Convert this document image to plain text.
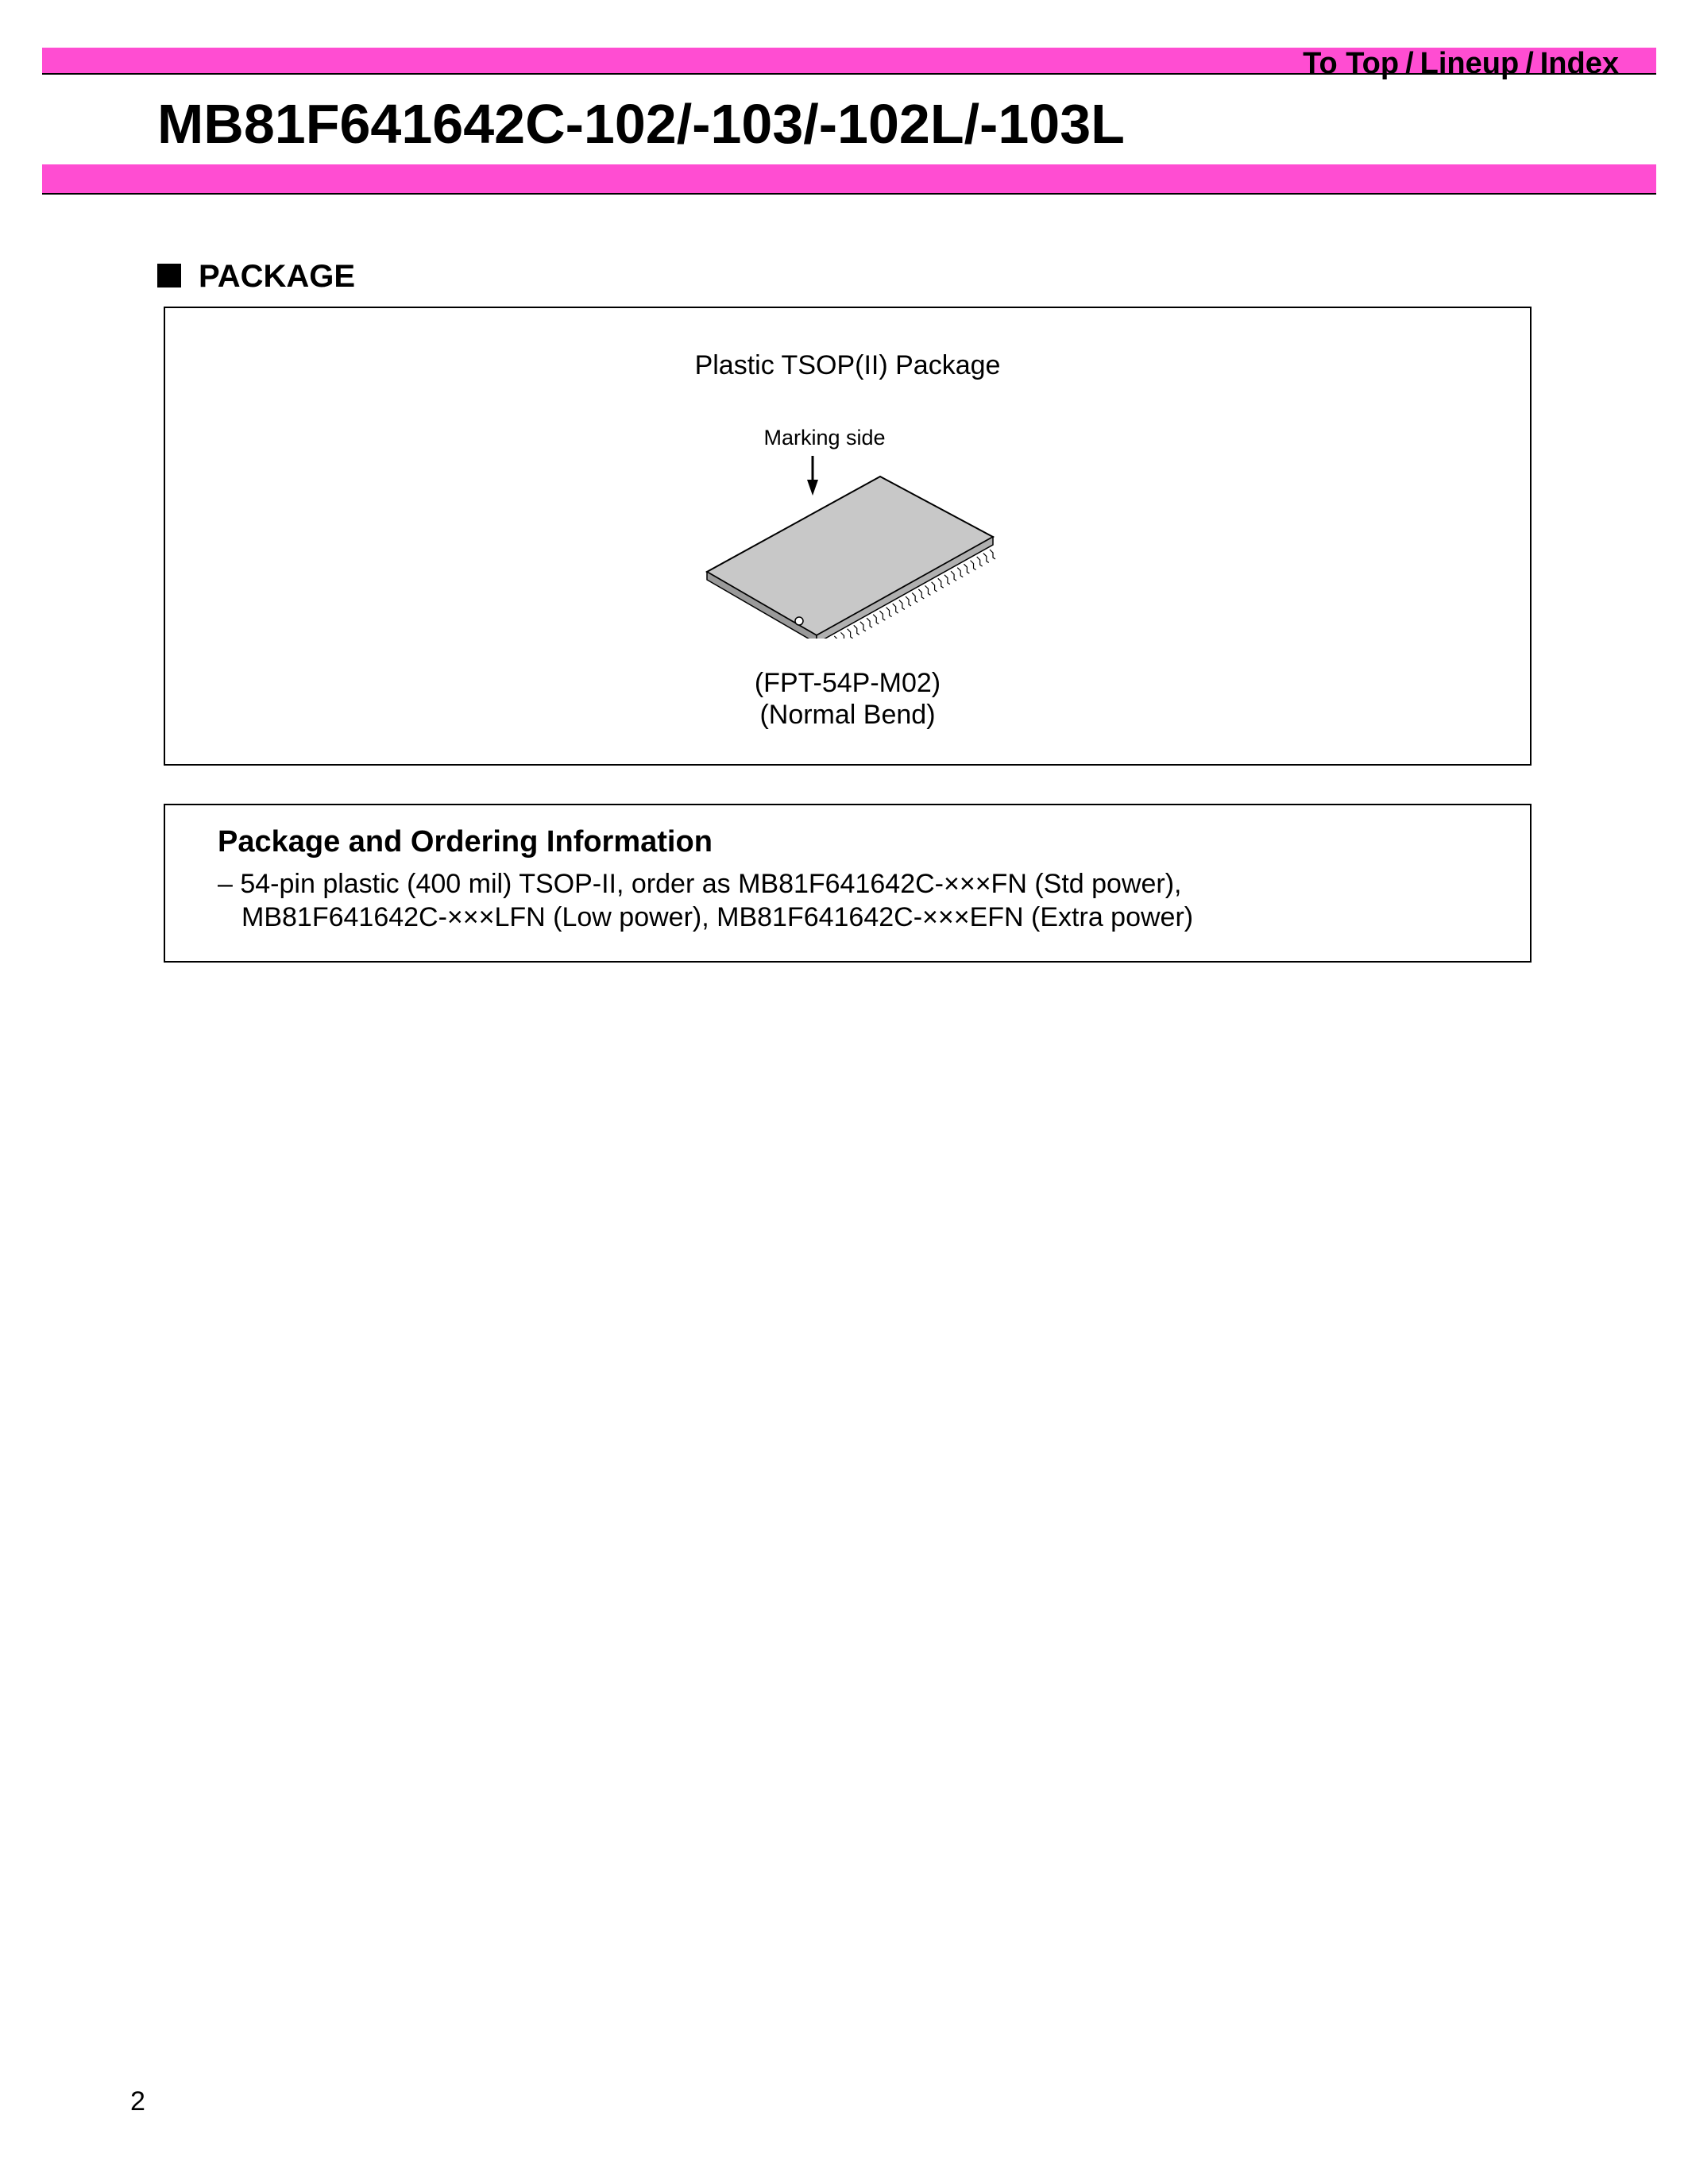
To Top / Lineup / Index
MB81F641642C-102/-103/-102L/-103L
PACKAGE
Plastic TSOP(II) Package
Marking side
(FPT-54P-M02)
(Normal Bend)
Package and Ordering Information
– 54-pin plastic (400 mil) TSOP-II, order as MB81F641642C-×××FN (Std power),
MB81F641642C-×××LFN (Low power), MB81F641642C-×××EFN (Extra power)
2
